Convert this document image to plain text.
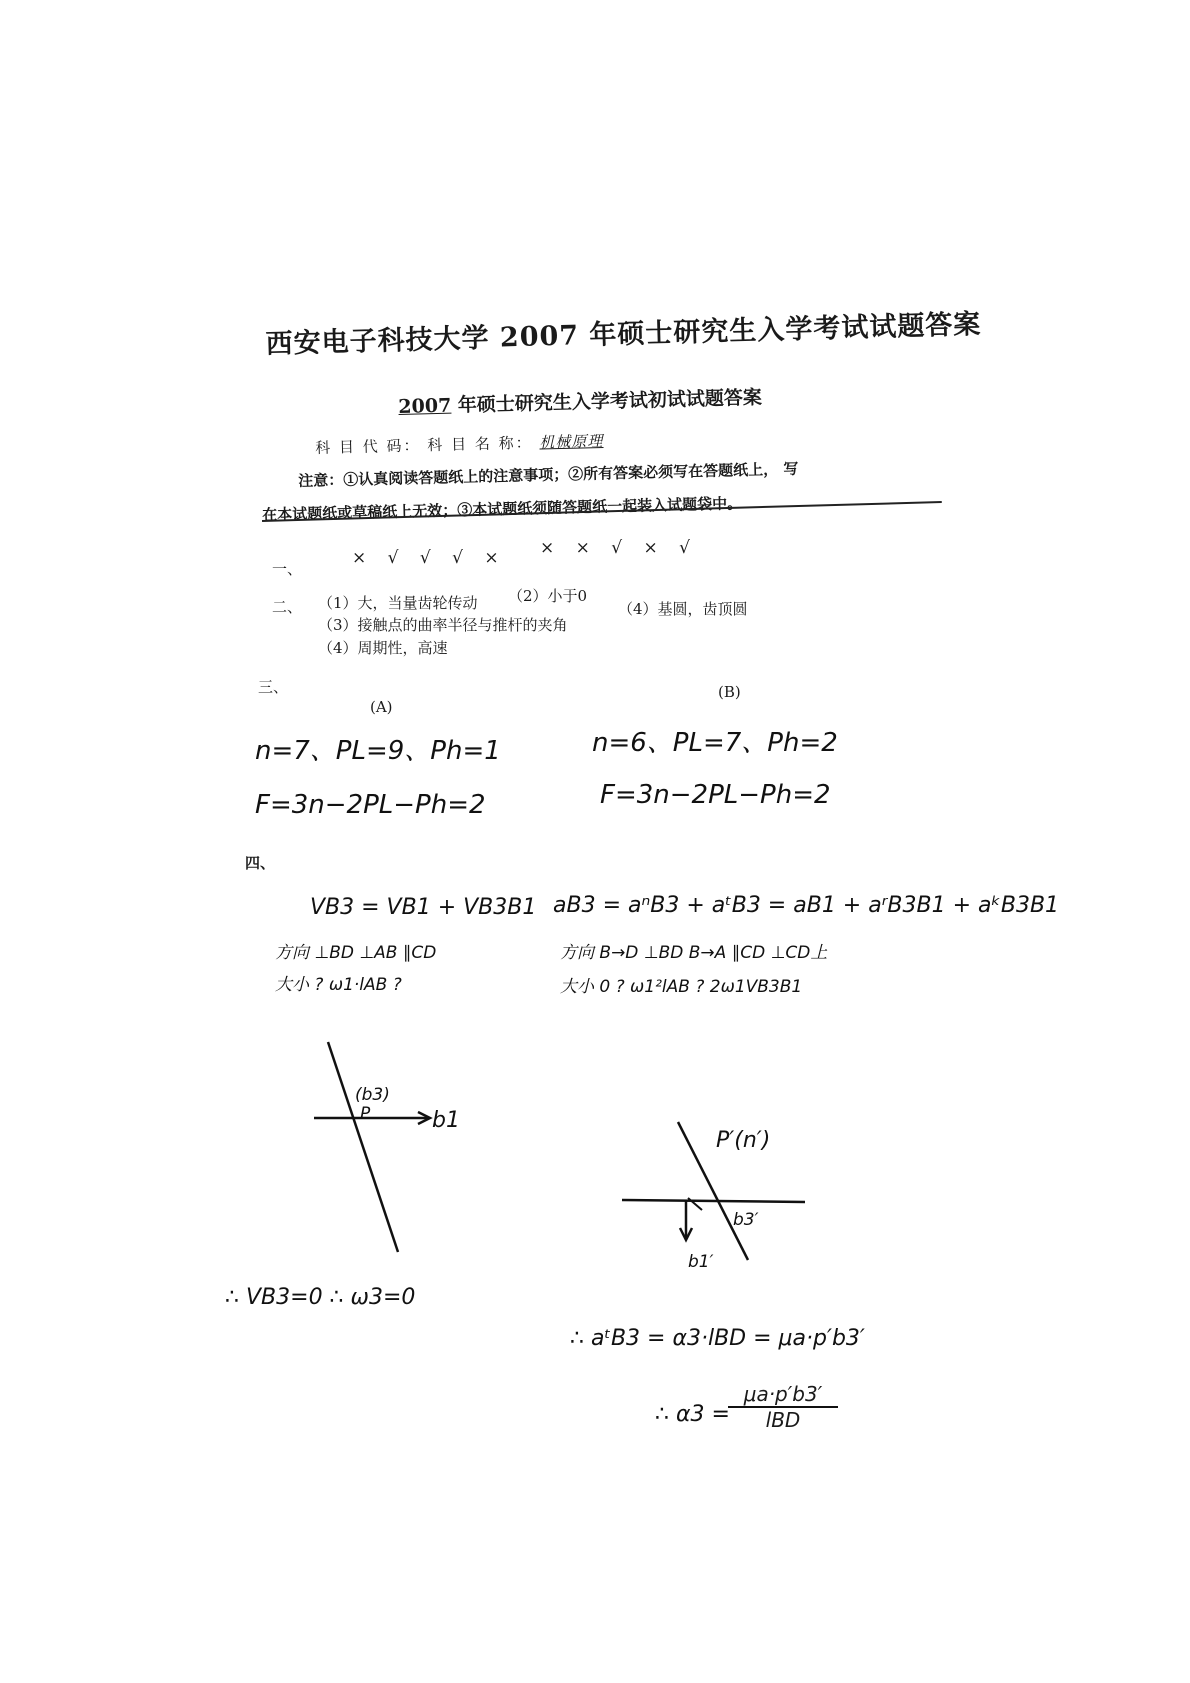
西安电子科技大学 2007 年硕士研究生入学考试试题答案
2007 年硕士研究生入学考试初试试题答案
科 目 代 码： 科 目 名 称： 机械原理
注意：①认真阅读答题纸上的注意事项；②所有答案必须写在答题纸上， 写
在本试题纸或草稿纸上无效；③本试题纸须随答题纸一起装入试题袋中。
一、
× √ √ √ × × × √ × √
二、 （1）大，当量齿轮传动 （2）小于0
（3）接触点的曲率半径与推杆的夹角
（4）基圆，齿顶圆
（4）周期性，高速
三、
(A)
n=7、PL=9、Ph=1
F=3n−2PL−Ph=2
(B)
n=6、PL=7、Ph=2
F=3n−2PL−Ph=2
四、
VB3 = VB1 + VB3B1
方向 ⊥BD ⊥AB ∥CD
大小 ? ω1·lAB ?
aB3 = aⁿB3 + aᵗB3 = aB1 + aʳB3B1 + aᵏB3B1
方向 B→D ⊥BD B→A ∥CD ⊥CD上
大小 0 ? ω1²lAB ? 2ω1VB3B1
(b3)
P	b1
P′(n′)
b3′
b1′
∴ VB3=0 ∴ ω3=0
∴ aᵗB3 = α3·lBD = μa·p′b3′
∴ α3 =
μa·p′b3′
lBD
